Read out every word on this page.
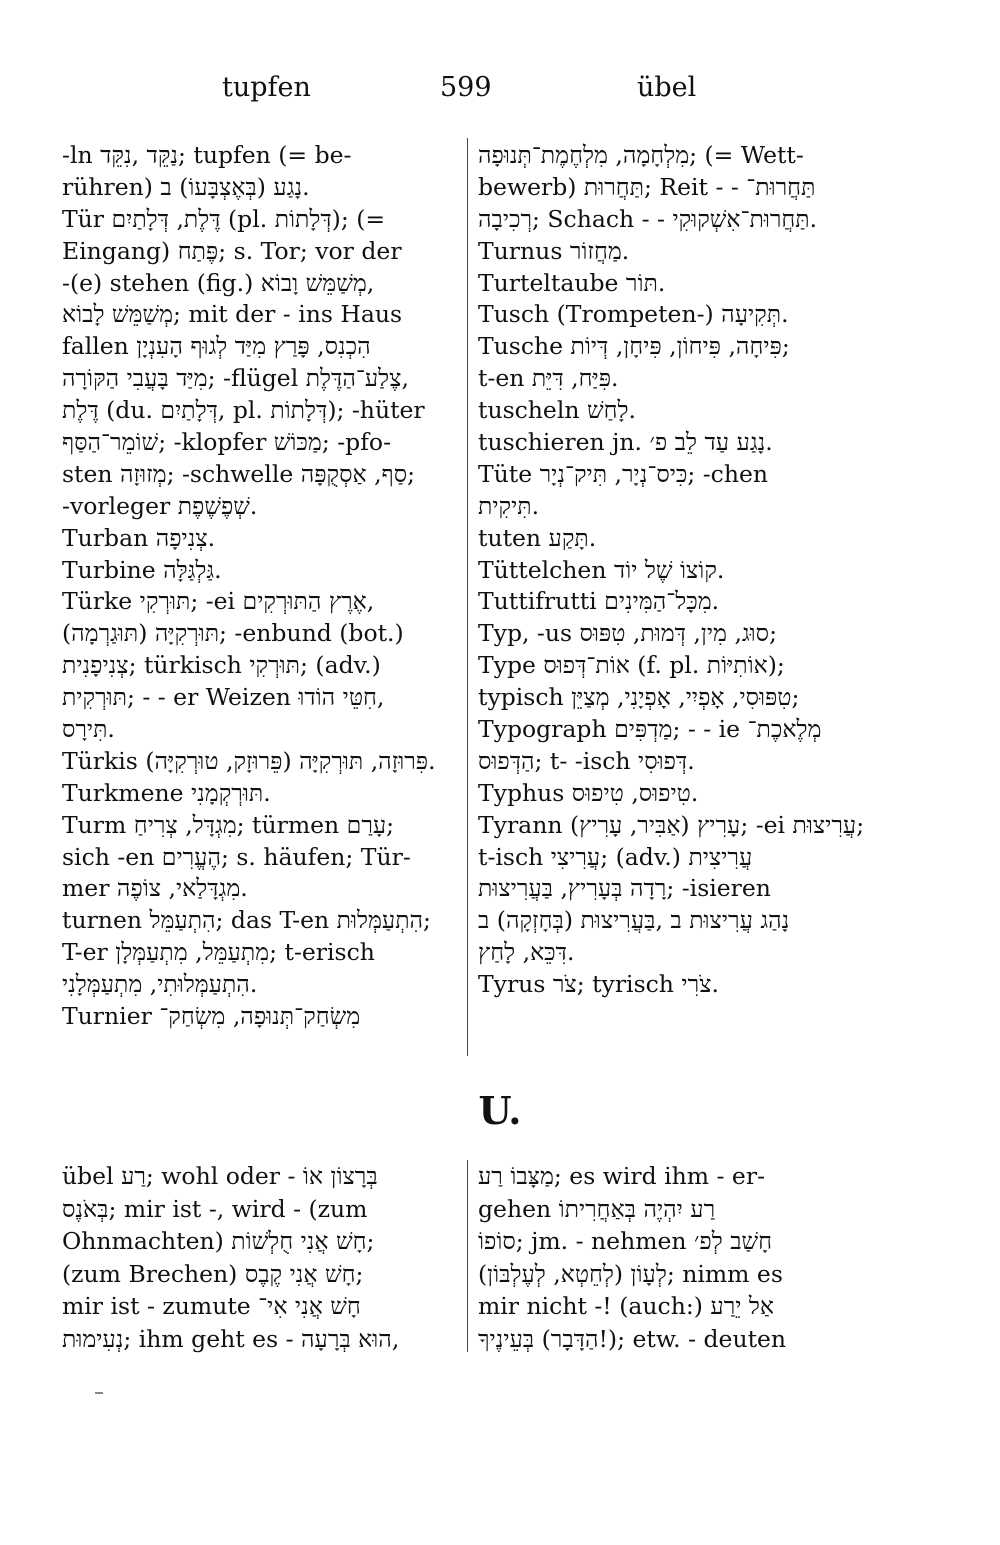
tupfen	599	übel
-ln נַקֵּד ,נִקֵּד; tupfen (= be-
rühren) נָגַע (בְּאֶצְבָּעוֹ) ב.
Tür דֶּלֶת, דְּלָתַיִם (pl. דְּלָתוֹת); (=
Eingang) פֶּתַח; s. Tor; vor der
-(e) stehen (fig.) מְשַׁמֵּשׁ וָבוֹא,
מְשַׁמֵּשׁ לָבוֹא; mit der - ins Haus
fallen הִכְנִס, פָּרַץ מִיַּד לְגוּף הָעִנְיָן
מִיַּד בָּעֲבִי הַקּוֹרָה; -flügel צֶלַע־הַדֶּלֶת,
דֶּלֶת (du. דְּלָתַיִם, pl. דְּלָתוֹת); -hüter
שׁוֹמֵר־הַסַּף; -klopfer מַכּוֹשׁ; -pfo-
sten מְזוּזָה; -schwelle סַף, אַסְקֻפָּה;
-vorleger שְׁפֶשֶׁפֶת.
Turban צְנִיפָה.
Turbine גַּלְגַּלָּה.
Türke תּוּרְקִי; -ei אֶרֶץ הַתּוּרְקִים,
תּוּרְקִיָּה (תּוּגַרְמָה); -enbund (bot.)
צְנִיפָנִית; türkisch תּוּרְקִי; (adv.)
תּוּרְקִית; - - er Weizen חִטֵּי הוֹדוּ,
תִּירָס.
Türkis פִּרוּזָה, תּוּרְקִיָּה (פֵּרוּזָק, טוּרְקִיָּה).
Turkmene תּוּרְקְמָנִי.
Turm מִגְדָּל, צְרִיחַ; türmen עָרַם;
sich -en הֶעֱרִים; s. häufen; Tür-
mer מִגְדָּלַאי, צוֹפֶה.
turnen הִתְעַמֵּל; das T-en הִתְעַמְּלוּת;
T-er מִתְעַמֵּל, מִתְעַמְּלָן; t-erisch
הִתְעַמְּלוּתִי, מִתְעַמְּלָנִי.
Turnier מִשְׂחַק־תְּנוּפָה, מִשְׂחַק־
מִלְחָמָה, מִלְחֶמֶת־תְּנוּפָה; (= Wett-
bewerb) תַּחֲרוּת; Reit - - תַּחֲרוּת־
רְכִיבָה; Schach - - תַּחֲרוּת־אִשְׁקוּקִי.
Turnus מַחֲזוֹר.
Turteltaube תּוֹר.
Tusch (Trompeten-) תְּקִיעָה.
Tusche פִּיחָה, פִּיחוֹן, פִּיחָן, דְּיוֹת;
t-en פִּיַּח, דִּיֵּת.
tuscheln לָחַשׁ.
tuschieren jn. נָגַע עַד לֵב פ׳.
Tüte כִּיס־נְיָר, תִּיק־נְיָר; -chen
תִּיקִית.
tuten תָּקַע.
Tüttelchen קוֹצוֹ שֶׁל יוֹד.
Tuttifrutti מִכָּל־הַמִּינִים.
Typ, -us סוּג, מִין, דְּמוּת, טִפּוּס;
Type אוֹת־דְּפוּס (f. pl. אוֹתִיּוֹת);
typisch טִפּוּסִי, אָפְיִי, אָפְיָנִי, מְצַיֵּן;
Typograph מַדְפִּים; - - ie מְלֶאכֶת־
הַדְּפוּס; t- -isch דְּפוּסִי.
Typhus טִיפוּס, טִיפוּס.
Tyrann עָרִיץ (אַבִּיר, עָרִיץ); -ei עֲרִיצוּת;
t-isch עֲרִיצִי; (adv.) עֲרִיצִית
רָדָה בְּעָרִיץ, בַּעֲרִיצוּת; -isieren
נָהַג עֲרִיצוּת ב ,בַּעֲרִיצוּת (בְּחָזְקָה) ב
דִּכֵּא, לָחַץ.
Tyrus צֹר; tyrisch צֹרִי.
U.
übel רַע; wohl oder - בְּרָצוֹן אוֹ
בְּאֹנֶס; mir ist -, wird - (zum
Ohnmachten) חָשׁ אֲנִי חֻלְשׁוֹת;
(zum Brechen) חָשׁ אֲנִי קֶבֶס;
mir ist - zumute חָשׁ אֲנִי אִי־
נְעִימוּת; ihm geht es - הוּא בְּרָעָה,
מַצָּבוֹ רַע; es wird ihm - er-
gehen רַע יִהְיֶה בְּאַחֲרִיתוֹ
סוֹפוֹ; jm. - nehmen חָשַׁב לְפ׳
לְעָוֹן (לְחֵטְא, לְעֶלְבּוֹן); nimm es
mir nicht -! (auch:) אַל יֵרַע
הַדָּבָר) בְּעֵינֶיךָ!); etw. - deuten
